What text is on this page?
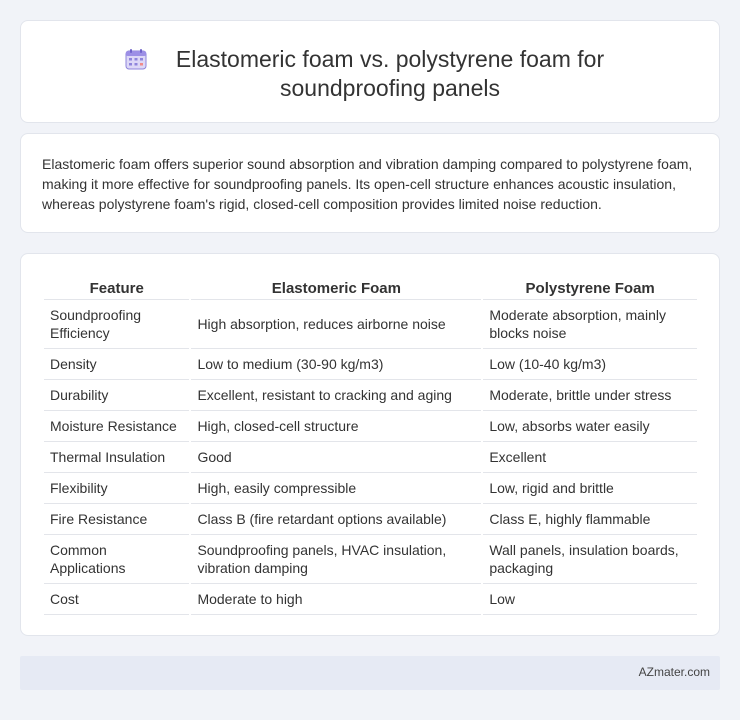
Elastomeric foam vs. polystyrene foam for soundproofing panels

Elastomeric foam offers superior sound absorption and vibration damping compared to polystyrene foam, making it more effective for soundproofing panels. Its open-cell structure enhances acoustic insulation, whereas polystyrene foam's rigid, closed-cell composition provides limited noise reduction.

Feature	Elastomeric Foam	Polystyrene Foam
Soundproofing Efficiency	High absorption, reduces airborne noise	Moderate absorption, mainly blocks noise
Density	Low to medium (30-90 kg/m3)	Low (10-40 kg/m3)
Durability	Excellent, resistant to cracking and aging	Moderate, brittle under stress
Moisture Resistance	High, closed-cell structure	Low, absorbs water easily
Thermal Insulation	Good	Excellent
Flexibility	High, easily compressible	Low, rigid and brittle
Fire Resistance	Class B (fire retardant options available)	Class E, highly flammable
Common Applications	Soundproofing panels, HVAC insulation, vibration damping	Wall panels, insulation boards, packaging
Cost	Moderate to high	Low
AZmater.com
